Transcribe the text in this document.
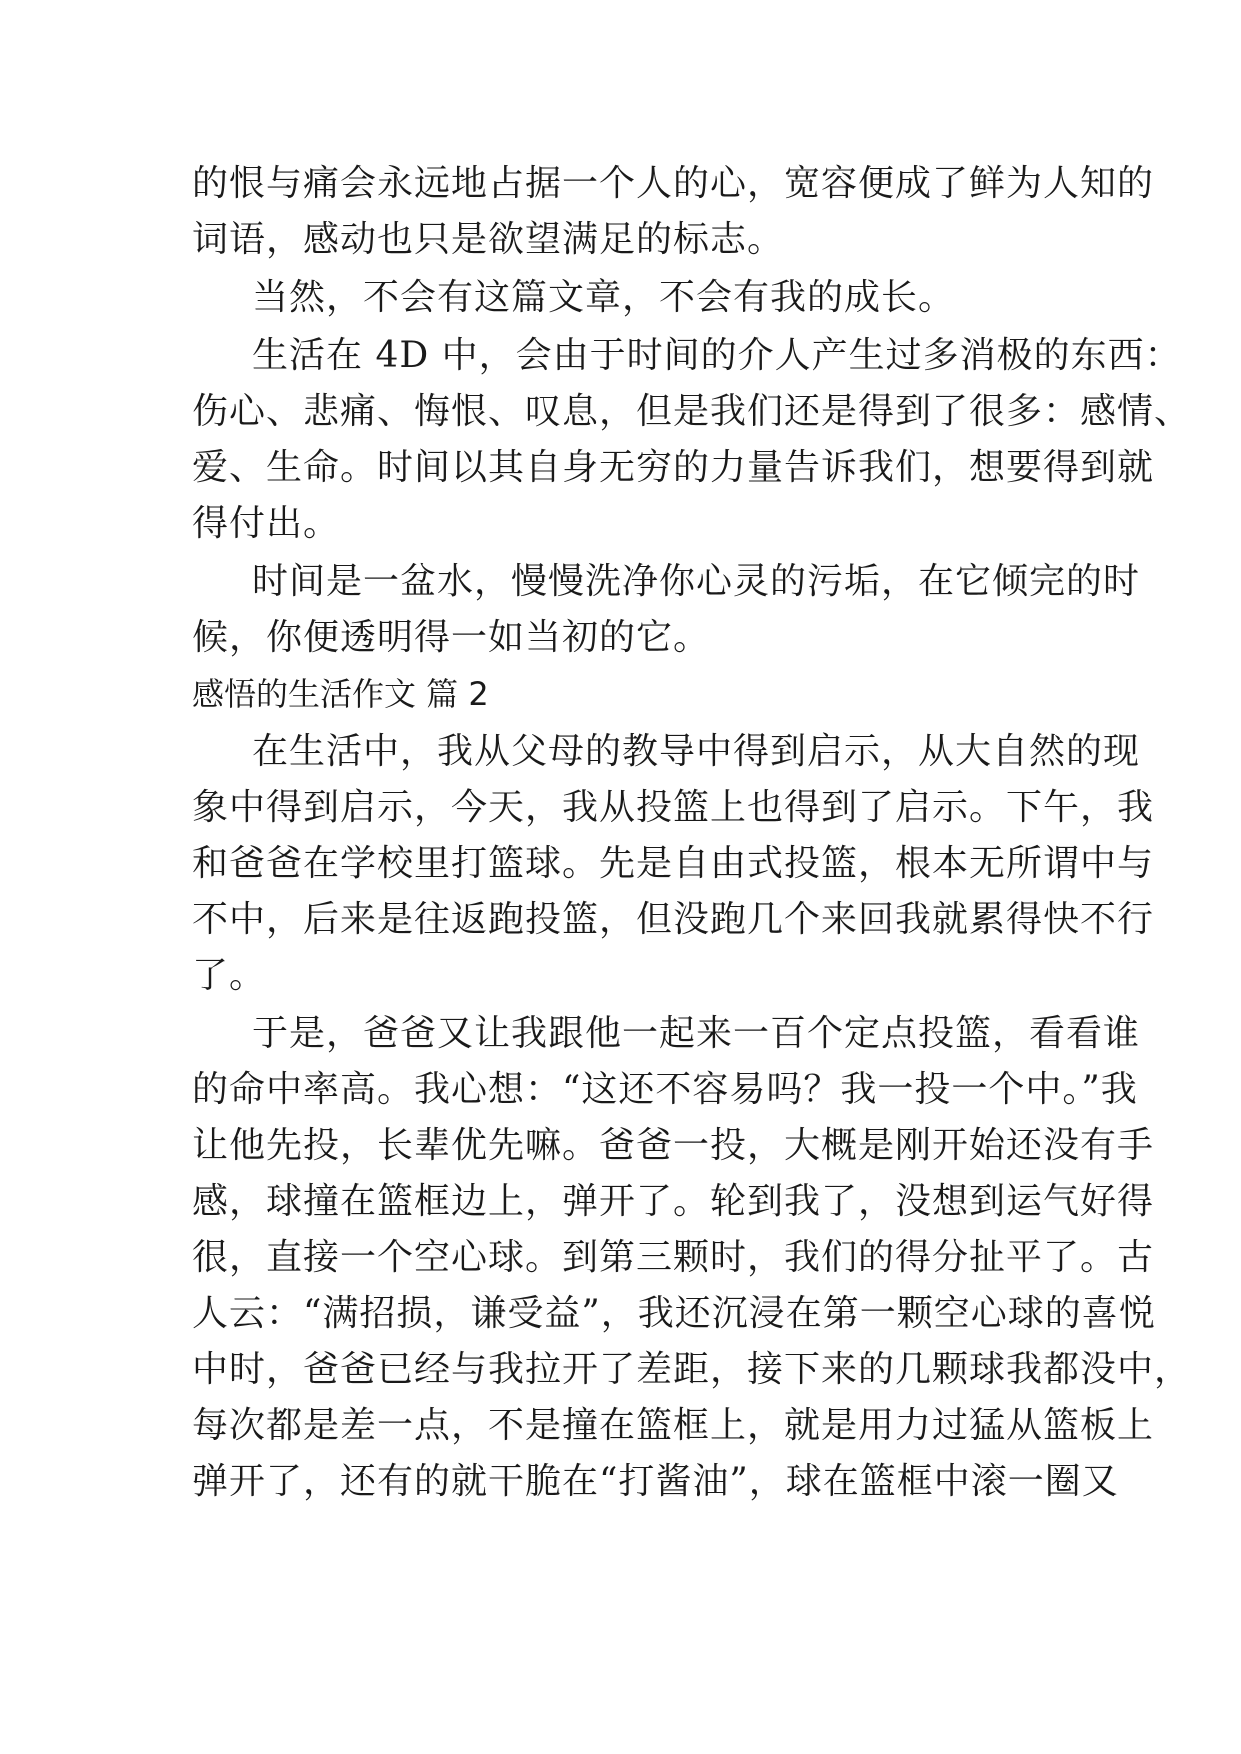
的恨与痛会永远地占据一个人的心，宽容便成了鲜为人知的
词语，感动也只是欲望满足的标志。
当然，不会有这篇文章，不会有我的成长。
生活在 4D 中，会由于时间的介人产生过多消极的东西：
伤心、悲痛、悔恨、叹息，但是我们还是得到了很多：感情、
爱、生命。时间以其自身无穷的力量告诉我们，想要得到就
得付出。
时间是一盆水，慢慢洗净你心灵的污垢，在它倾完的时
候，你便透明得一如当初的它。
感悟的生活作文 篇 2
在生活中，我从父母的教导中得到启示，从大自然的现
象中得到启示，今天，我从投篮上也得到了启示。下午，我
和爸爸在学校里打篮球。先是自由式投篮，根本无所谓中与
不中，后来是往返跑投篮，但没跑几个来回我就累得快不行
了。
于是，爸爸又让我跟他一起来一百个定点投篮，看看谁
的命中率高。我心想：“这还不容易吗？我一投一个中。”我
让他先投，长辈优先嘛。爸爸一投，大概是刚开始还没有手
感，球撞在篮框边上，弹开了。轮到我了，没想到运气好得
很，直接一个空心球。到第三颗时，我们的得分扯平了。古
人云：“满招损，谦受益”，我还沉浸在第一颗空心球的喜悦
中时，爸爸已经与我拉开了差距，接下来的几颗球我都没中，
每次都是差一点，不是撞在篮框上，就是用力过猛从篮板上
弹开了，还有的就干脆在“打酱油”，球在篮框中滚一圈又
